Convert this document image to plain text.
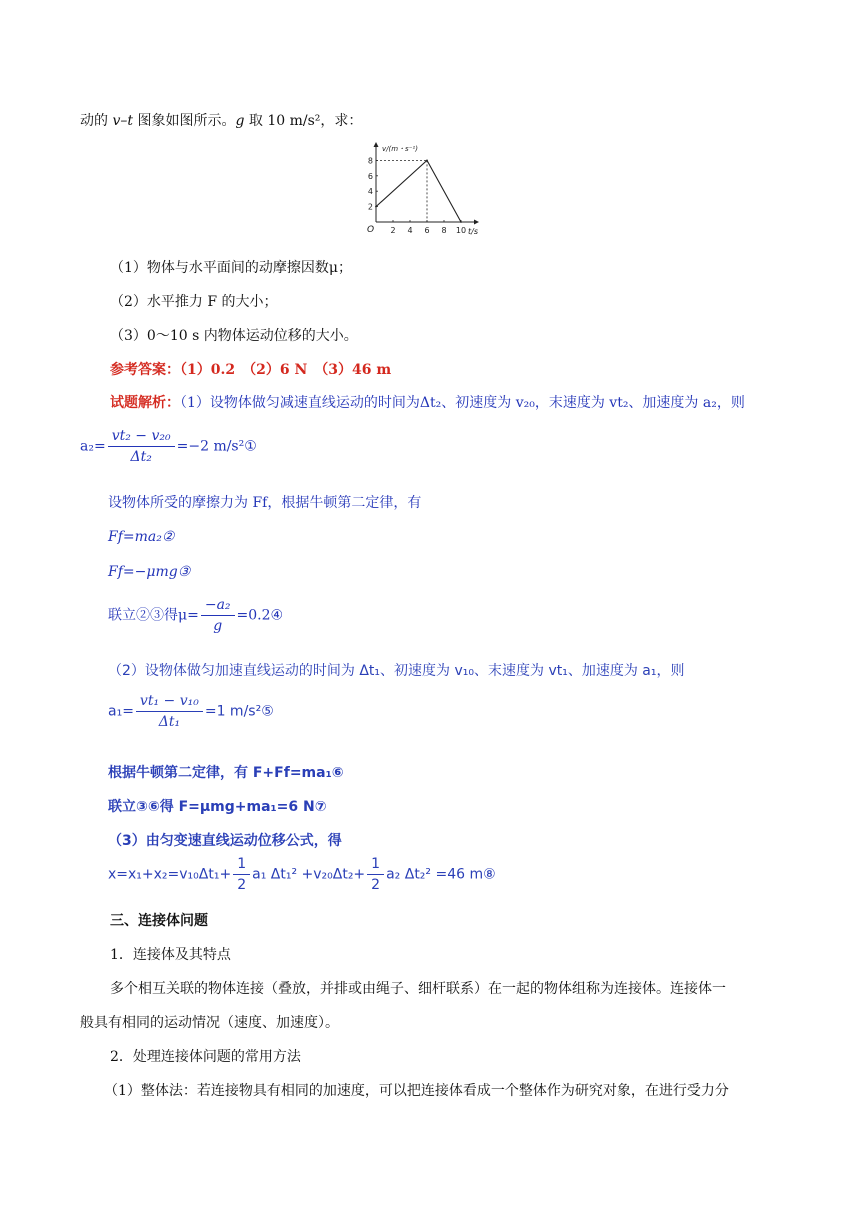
动的 v–t 图象如图所示。g 取 10 m/s²，求：
2
4
6
8
2 4 6 8 10
O
v/(m・s⁻¹)
t/s
（1）物体与水平面间的动摩擦因数μ；
（2）水平推力 F 的大小；
（3）0～10 s 内物体运动位移的大小。
参考答案：（1）0.2　（2）6 N　（3）46 m
试题解析：（1）设物体做匀减速直线运动的时间为Δt₂、初速度为 v₂₀，末速度为 vt₂、加速度为 a₂，则
$a_2= \frac{\text{vt₂ − v₂₀}}{\text{Δt₂}} =-2$ m/s²①
设物体所受的摩擦力为 Ff，根据牛顿第二定律，有
Ff=ma₂②
Ff=−μmg③
联立②③得$\mu= \frac{\text{−a₂}}{g}$ =0.2④
（2）设物体做匀加速直线运动的时间为 Δt₁、初速度为 v₁₀、末速度为 vt₁、加速度为 a₁，则
$a_1= \frac{\text{vt₁ − v₁₀}}{\text{Δt₁}} =1$ m/s²⑤
根据牛顿第二定律，有 F+Ff=ma₁⑥
联立③⑥得 F=μmg+ma₁=6 N⑦
（3）由匀变速直线运动位移公式，得
$x=x_1+x_2=v_{10}\Delta t_1+ \frac{1}{2} a_1$ $\Delta t_1^2 +v_{20}\Delta t_2+ \frac{1}{2} a_2$ Δt₂² =46 m⑧
三、连接体问题
1．连接体及其特点
多个相互关联的物体连接（叠放，并排或由绳子、细杆联系）在一起的物体组称为连接体。连接体一
般具有相同的运动情况（速度、加速度）。
2．处理连接体问题的常用方法
（1）整体法：若连接物具有相同的加速度，可以把连接体看成一个整体作为研究对象，在进行受力分
